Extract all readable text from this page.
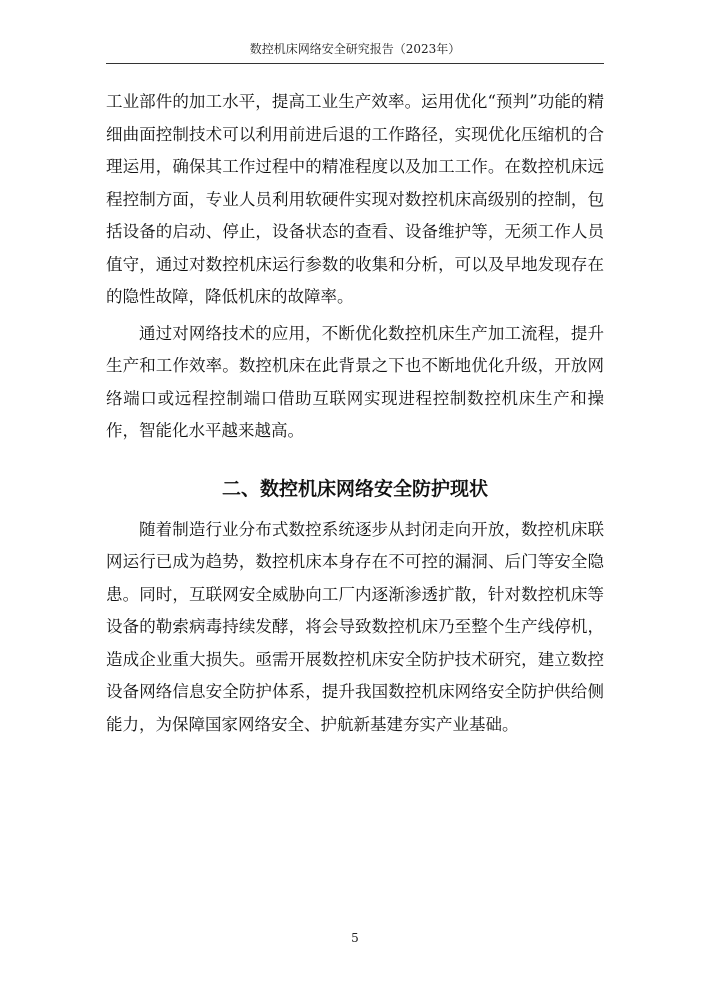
数控机床网络安全研究报告（2023年）

工业部件的加工水平，提高工业生产效率。运用优化“预判”功能的精细曲面控制技术可以利用前进后退的工作路径，实现优化压缩机的合理运用，确保其工作过程中的精准程度以及加工工作。在数控机床远程控制方面，专业人员利用软硬件实现对数控机床高级别的控制，包括设备的启动、停止，设备状态的查看、设备维护等，无须工作人员值守，通过对数控机床运行参数的收集和分析，可以及早地发现存在的隐性故障，降低机床的故障率。

通过对网络技术的应用，不断优化数控机床生产加工流程，提升生产和工作效率。数控机床在此背景之下也不断地优化升级，开放网络端口或远程控制端口借助互联网实现进程控制数控机床生产和操作，智能化水平越来越高。

二、数控机床网络安全防护现状

随着制造行业分布式数控系统逐步从封闭走向开放，数控机床联网运行已成为趋势，数控机床本身存在不可控的漏洞、后门等安全隐患。同时，互联网安全威胁向工厂内逐渐渗透扩散，针对数控机床等设备的勒索病毒持续发酵，将会导致数控机床乃至整个生产线停机，造成企业重大损失。亟需开展数控机床安全防护技术研究，建立数控设备网络信息安全防护体系，提升我国数控机床网络安全防护供给侧能力，为保障国家网络安全、护航新基建夯实产业基础。

5
